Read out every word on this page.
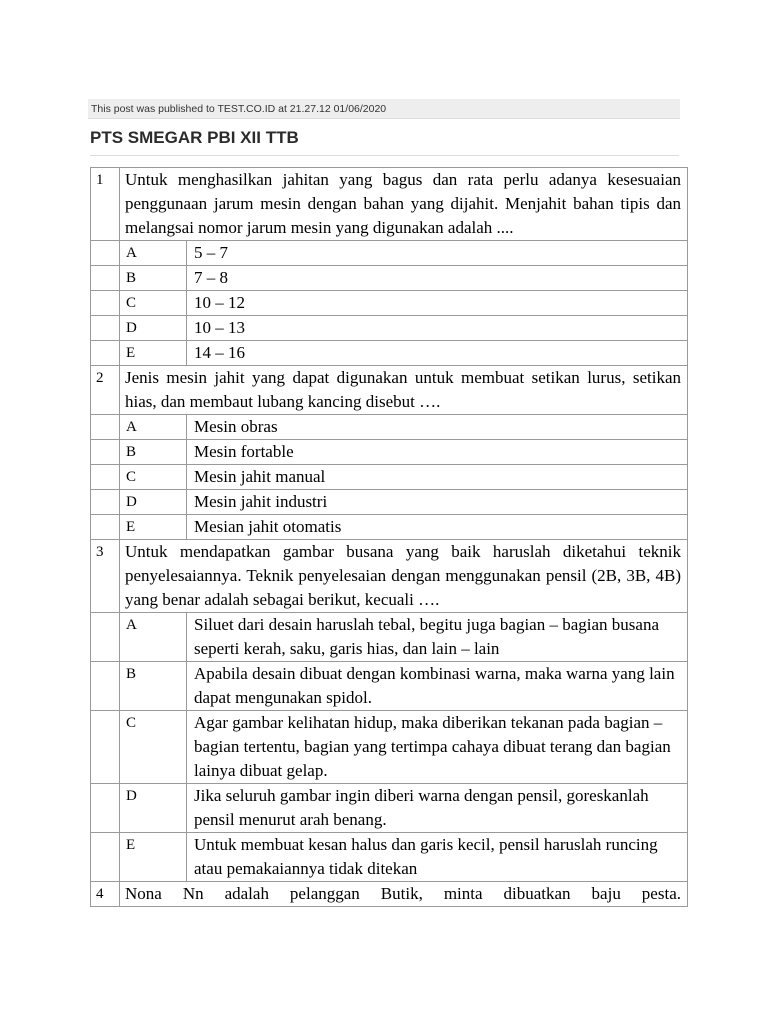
This post was published to TEST.CO.ID at 21.27.12 01/06/2020
PTS SMEGAR PBI XII TTB
1	Untuk menghasilkan jahitan yang bagus dan rata perlu adanya kesesuaian penggunaan jarum mesin dengan bahan yang dijahit. Menjahit bahan tipis dan melangsai nomor jarum mesin yang digunakan adalah ....	
	A	5 – 7
	B	7 – 8
	C	10 – 12
	D	10 – 13
	E	14 – 16
2	Jenis mesin jahit yang dapat digunakan untuk membuat setikan lurus, setikan hias, dan membaut lubang kancing disebut ….	
	A	Mesin obras
	B	Mesin fortable
	C	Mesin jahit manual
	D	Mesin jahit industri
	E	Mesian jahit otomatis
3	Untuk mendapatkan gambar busana yang baik haruslah diketahui teknik penyelesaiannya. Teknik penyelesaian dengan menggunakan pensil (2B, 3B, 4B) yang benar adalah sebagai berikut, kecuali ….	
	A	Siluet dari desain haruslah tebal, begitu juga bagian – bagian busana seperti kerah, saku, garis hias, dan lain – lain
	B	Apabila desain dibuat dengan kombinasi warna, maka warna yang lain dapat mengunakan spidol.
	C	Agar gambar kelihatan hidup, maka diberikan tekanan pada bagian – bagian tertentu, bagian yang tertimpa cahaya dibuat terang dan bagian lainya dibuat gelap.
	D	Jika seluruh gambar ingin diberi warna dengan pensil, goreskanlah pensil menurut arah benang.
	E	Untuk membuat kesan halus dan garis kecil, pensil haruslah runcing atau pemakaiannya tidak ditekan
4	Nona Nn adalah pelanggan Butik, minta dibuatkan baju pesta.	
